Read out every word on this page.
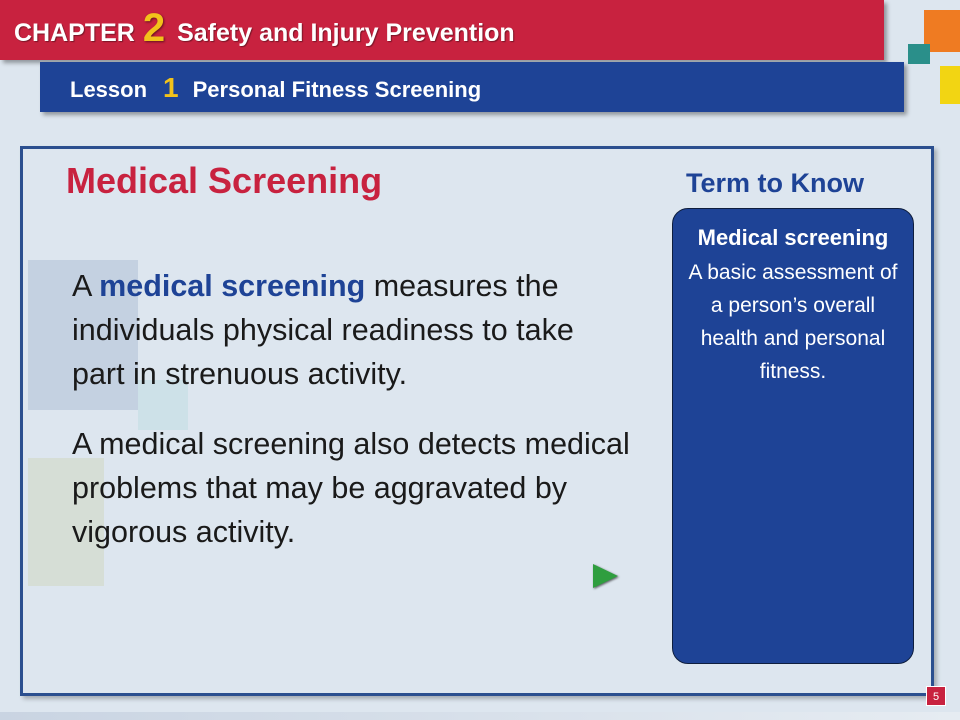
CHAPTER 2 Safety and Injury Prevention
Lesson 1 Personal Fitness Screening
Medical Screening

A medical screening measures the individuals physical readiness to take part in strenuous activity.

A medical screening also detects medical problems that may be aggravated by vigorous activity.

Term to Know

Medical screening

A basic assessment of a person’s overall health and personal fitness.

5
